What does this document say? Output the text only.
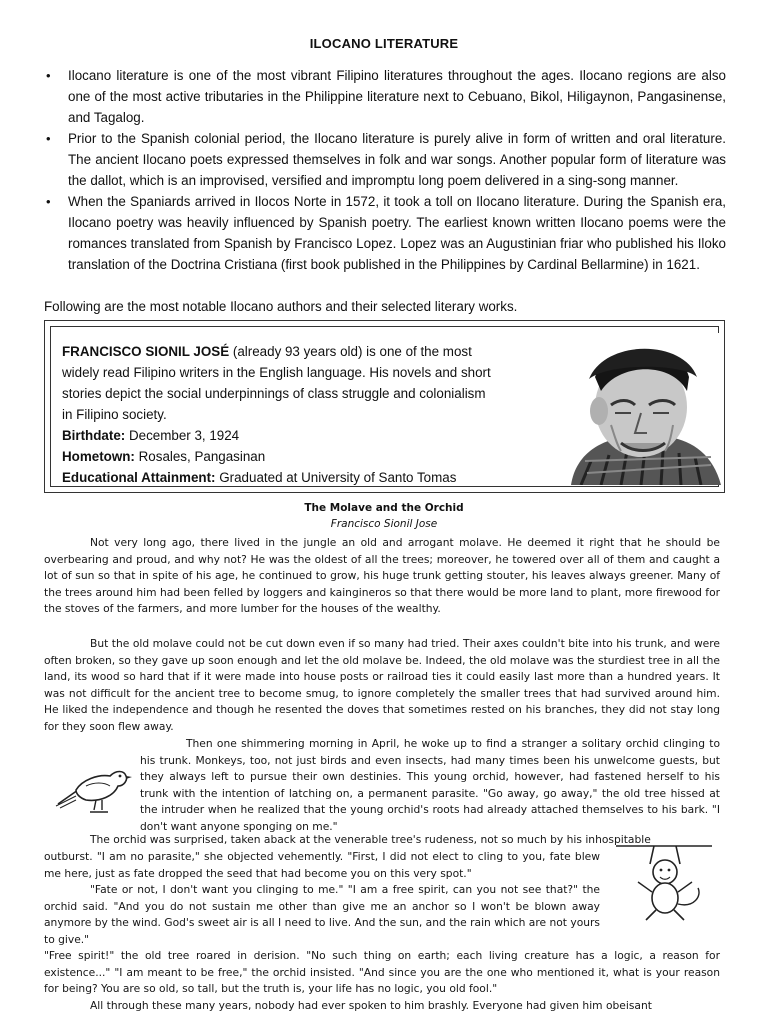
ILOCANO LITERATURE
• Ilocano literature is one of the most vibrant Filipino literatures throughout the ages. Ilocano regions are also one of the most active tributaries in the Philippine literature next to Cebuano, Bikol, Hiligaynon, Pangasinense, and Tagalog.
• Prior to the Spanish colonial period, the Ilocano literature is purely alive in form of written and oral literature. The ancient Ilocano poets expressed themselves in folk and war songs. Another popular form of literature was the dallot, which is an improvised, versified and impromptu long poem delivered in a sing-song manner.
• When the Spaniards arrived in Ilocos Norte in 1572, it took a toll on Ilocano literature. During the Spanish era, Ilocano poetry was heavily influenced by Spanish poetry. The earliest known written Ilocano poems were the romances translated from Spanish by Francisco Lopez. Lopez was an Augustinian friar who published his Iloko translation of the Doctrina Cristiana (first book published in the Philippines by Cardinal Bellarmine) in 1621.
Following are the most notable Ilocano authors and their selected literary works.

FRANCISCO SIONIL JOSÉ (already 93 years old) is one of the most widely read Filipino writers in the English language. His novels and short stories depict the social underpinnings of class struggle and colonialism in Filipino society.

Birthdate: December 3, 1924

Hometown: Rosales, Pangasinan

Educational Attainment: Graduated at University of Santo Tomas

The Molave and the Orchid
Francisco Sionil Jose

Not very long ago, there lived in the jungle an old and arrogant molave. He deemed it right that he should be overbearing and proud, and why not? He was the oldest of all the trees; moreover, he towered over all of them and caught a lot of sun so that in spite of his age, he continued to grow, his huge trunk getting stouter, his leaves always greener. Many of the trees around him had been felled by loggers and kaingineros so that there would be more land to plant, more firewood for the stoves of the farmers, and more lumber for the houses of the wealthy.

But the old molave could not be cut down even if so many had tried. Their axes couldn't bite into his trunk, and were often broken, so they gave up soon enough and let the old molave be. Indeed, the old molave was the sturdiest tree in all the land, its wood so hard that if it were made into house posts or railroad ties it could easily last more than a hundred years. It was not difficult for the ancient tree to become smug, to ignore completely the smaller trees that had survived around him. He liked the independence and though he resented the doves that sometimes rested on his branches, they did not stay long for they soon flew away.

Then one shimmering morning in April, he woke up to find a stranger a solitary orchid clinging to his trunk. Monkeys, too, not just birds and even insects, had many times been his unwelcome guests, but they always left to pursue their own destinies. This young orchid, however, had fastened herself to his trunk with the intention of latching on, a permanent parasite. "Go away, go away," the old tree hissed at the intruder when he realized that the young orchid's roots had already attached themselves to his bark. "I don't want anyone sponging on me."

The orchid was surprised, taken aback at the venerable tree's rudeness, not so much by his inhospitable

outburst. "I am no parasite," she objected vehemently. "First, I did not elect to cling to you, fate blew me here, just as fate dropped the seed that had become you on this very spot."

"Fate or not, I don't want you clinging to me." "I am a free spirit, can you not see that?" the orchid said. "And you do not sustain me other than give me an anchor so I won't be blown away anymore by the wind. God's sweet air is all I need to live. And the sun, and the rain which are not yours to give."

"Free spirit!" the old tree roared in derision. "No such thing on earth; each living creature has a logic, a reason for existence..." "I am meant to be free," the orchid insisted. "And since you are the one who mentioned it, what is your reason for being? You are so old, so tall, but the truth is, your life has no logic, you old fool."

All through these many years, nobody had ever spoken to him brashly. Everyone had given him obeisant
